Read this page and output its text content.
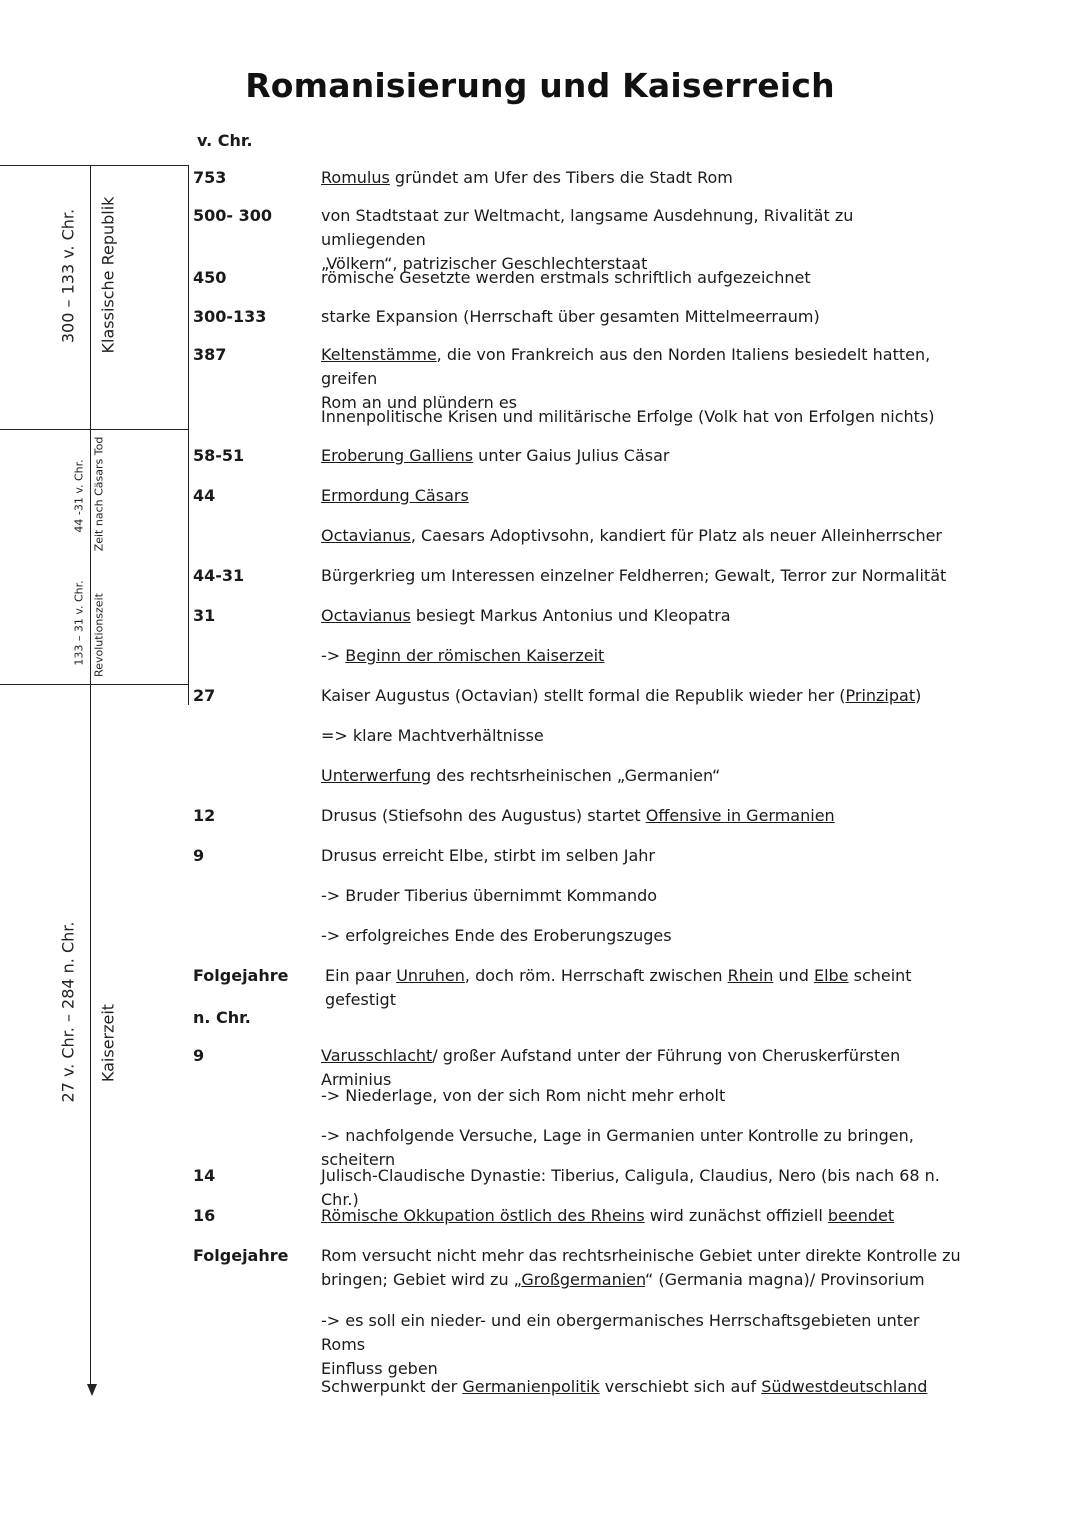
Romanisierung und Kaiserreich
v. Chr.
n. Chr.
300 – 133 v. Chr. Klassische Republik
44 -31 v. Chr. Zeit nach Cäsars Tod
133 – 31 v. Chr. Revolutionszeit
27 v. Chr. – 284 n. Chr. Kaiserzeit
753	Romulus gründet am Ufer des Tibers die Stadt Rom
500- 300	von Stadtstaat zur Weltmacht, langsame Ausdehnung, Rivalität zu umliegenden
„Völkern“, patrizischer Geschlechterstaat
450	römische Gesetzte werden erstmals schriftlich aufgezeichnet
300-133	starke Expansion (Herrschaft über gesamten Mittelmeerraum)
387	Keltenstämme, die von Frankreich aus den Norden Italiens besiedelt hatten, greifen
Rom an und plündern es
Innenpolitische Krisen und militärische Erfolge (Volk hat von Erfolgen nichts)
58-51	Eroberung Galliens unter Gaius Julius Cäsar
44	Ermordung Cäsars
Octavianus, Caesars Adoptivsohn, kandiert für Platz als neuer Alleinherrscher
44-31	Bürgerkrieg um Interessen einzelner Feldherren; Gewalt, Terror zur Normalität
31	Octavianus besiegt Markus Antonius und Kleopatra
-> Beginn der römischen Kaiserzeit
27	Kaiser Augustus (Octavian) stellt formal die Republik wieder her (Prinzipat)
=> klare Machtverhältnisse
Unterwerfung des rechtsrheinischen „Germanien“
12	Drusus (Stiefsohn des Augustus) startet Offensive in Germanien
9	Drusus erreicht Elbe, stirbt im selben Jahr
-> Bruder Tiberius übernimmt Kommando
-> erfolgreiches Ende des Eroberungszuges
Folgejahre Ein paar Unruhen, doch röm. Herrschaft zwischen Rhein und Elbe scheint gefestigt
9	Varusschlacht/ großer Aufstand unter der Führung von Cheruskerfürsten Arminius
-> Niederlage, von der sich Rom nicht mehr erholt
-> nachfolgende Versuche, Lage in Germanien unter Kontrolle zu bringen, scheitern
14	Julisch-Claudische Dynastie: Tiberius, Caligula, Claudius, Nero (bis nach 68 n. Chr.)
16	Römische Okkupation östlich des Rheins wird zunächst offiziell beendet
Folgejahre Rom versucht nicht mehr das rechtsrheinische Gebiet unter direkte Kontrolle zu
bringen; Gebiet wird zu „Großgermanien“ (Germania magna)/ Provinsorium
-> es soll ein nieder- und ein obergermanisches Herrschaftsgebieten unter Roms
Einfluss geben
Schwerpunkt der Germanienpolitik verschiebt sich auf Südwestdeutschland
